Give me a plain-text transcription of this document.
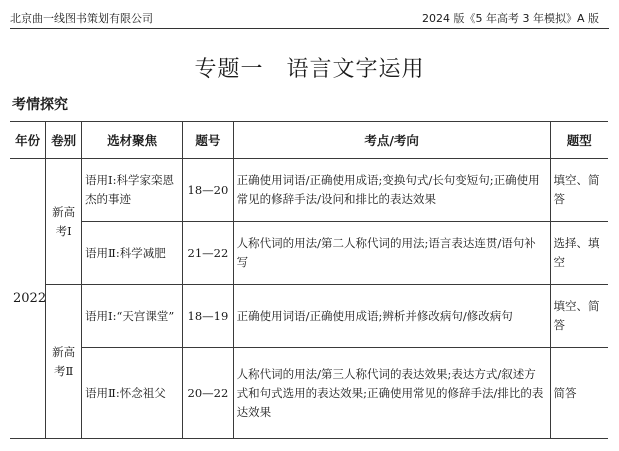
北京曲一线图书策划有限公司	2024 版《5 年高考 3 年模拟》A 版
专题一　语言文字运用
考情探究
年份	卷别	选材聚焦	题号	考点/考向	题型
2022	新高考Ⅰ	语用Ⅰ:科学家栾恩杰的事迹	18—20	正确使用词语/正确使用成语;变换句式/长句变短句;正确使用常见的修辞手法/设问和排比的表达效果	填空、简答
		语用Ⅱ:科学减肥	21—22	人称代词的用法/第二人称代词的用法;语言表达连贯/语句补写	选择、填空
	新高考Ⅱ	语用Ⅰ:“天宫课堂”	18—19	正确使用词语/正确使用成语;辨析并修改病句/修改病句	填空、简答
		语用Ⅱ:怀念祖父	20—22	人称代词的用法/第三人称代词的表达效果;表达方式/叙述方式和句式选用的表达效果;正确使用常见的修辞手法/排比的表达效果	简答
